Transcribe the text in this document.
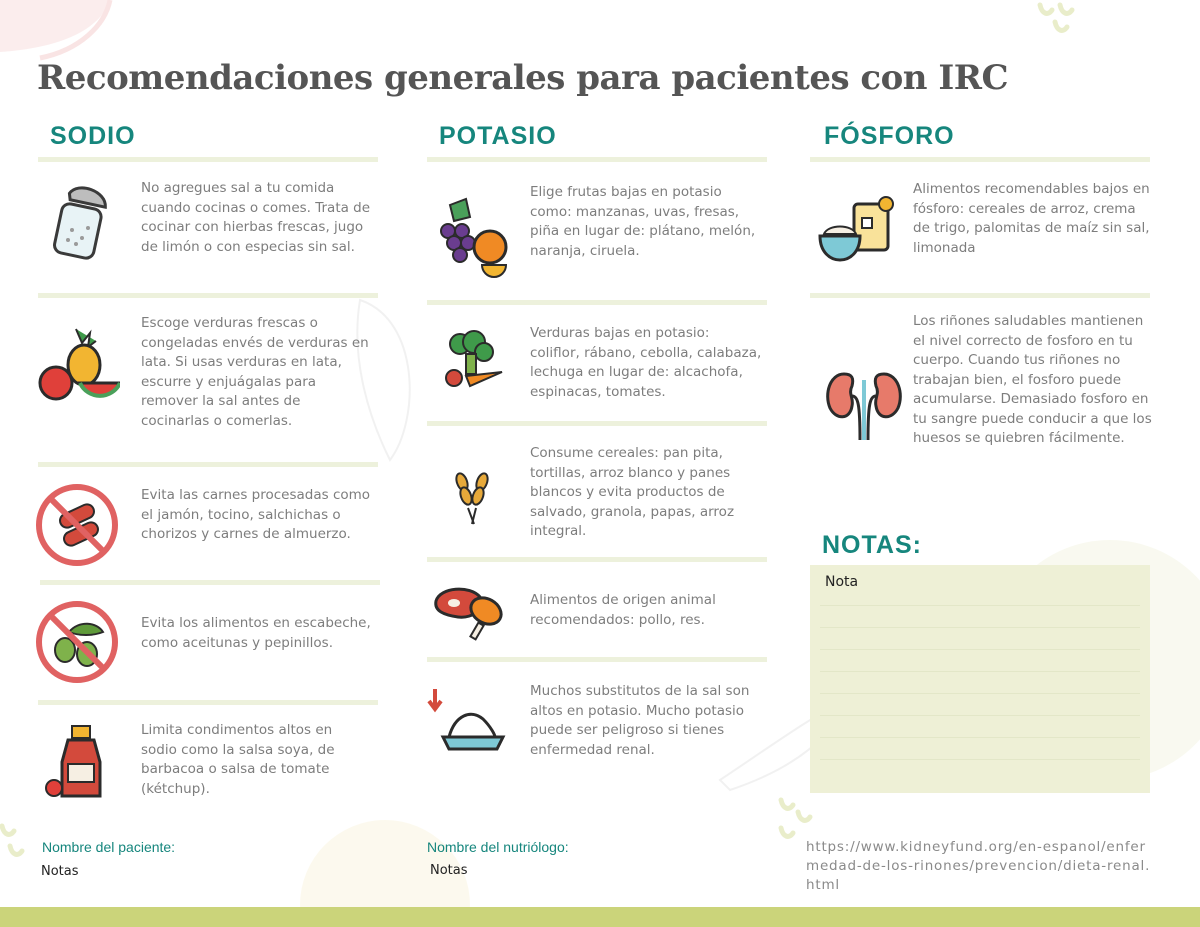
Recomendaciones generales para pacientes con IRC
SODIO	POTASIO	FÓSFORO
No agregues sal a tu comida cuando cocinas o comes. Trata de cocinar con hierbas frescas, jugo de limón o con especias sin sal.
Escoge verduras frescas o congeladas envés de verduras en lata. Si usas verduras en lata, escurre y enjuágalas para remover la sal antes de cocinarlas o comerlas.
Evita las carnes procesadas como el jamón, tocino, salchichas o chorizos y carnes de almuerzo.
Evita los alimentos en escabeche, como aceitunas y pepinillos.
Limita condimentos altos en sodio como la salsa soya, de barbacoa o salsa de tomate (kétchup).
Elige frutas bajas en potasio como: manzanas, uvas, fresas, piña en lugar de: plátano, melón, naranja, ciruela.
Verduras bajas en potasio: coliflor, rábano, cebolla, calabaza, lechuga en lugar de: alcachofa, espinacas, tomates.
Consume cereales: pan pita, tortillas, arroz blanco y panes blancos y evita productos de salvado, granola, papas, arroz integral.
Alimentos de origen animal recomendados: pollo, res.
Muchos substitutos de la sal son altos en potasio. Mucho potasio puede ser peligroso si tienes enfermedad renal.
Alimentos recomendables bajos en fósforo: cereales de arroz, crema de trigo, palomitas de maíz sin sal, limonada
Los riñones saludables mantienen el nivel correcto de fosforo en tu cuerpo. Cuando tus riñones no trabajan bien, el fosforo puede acumularse. Demasiado fosforo en tu sangre puede conducir a que los huesos se quiebren fácilmente.
NOTAS:
Nota
Nombre del paciente:
Notas
Nombre del nutriólogo:
Notas
https://www.kidneyfund.org/en-espanol/enfermedad-de-los-rinones/prevencion/dieta-renal.html
